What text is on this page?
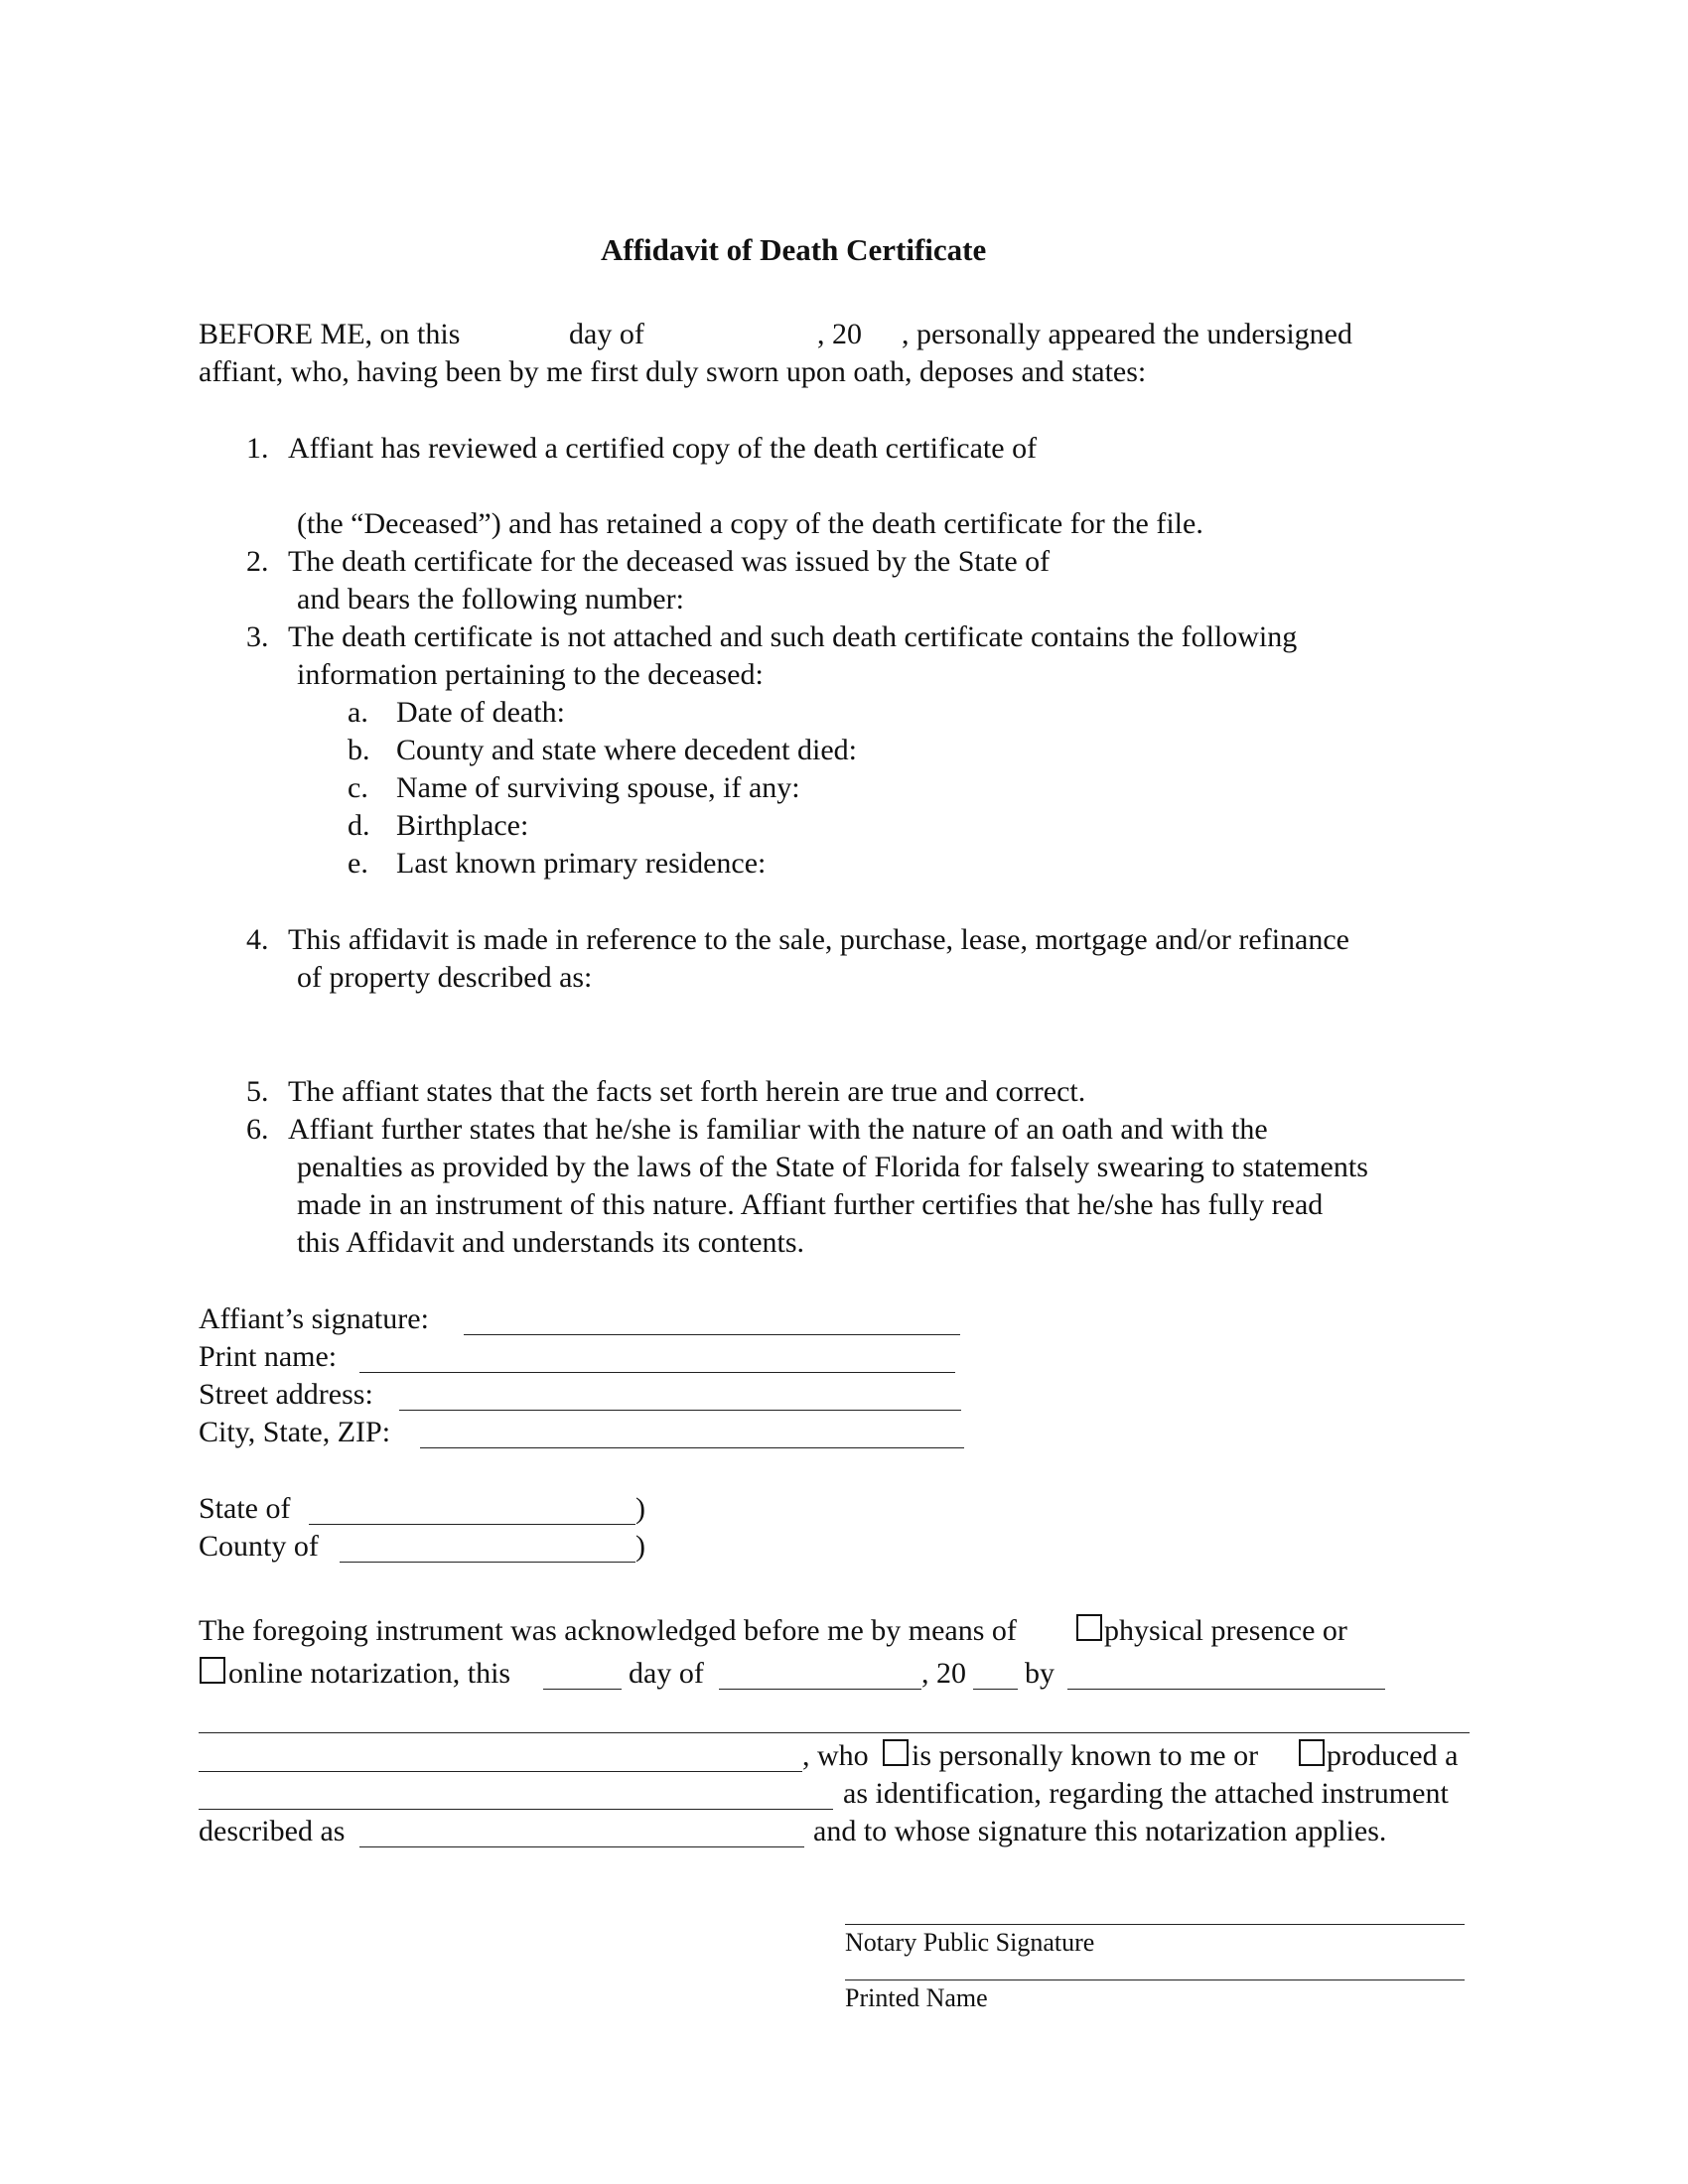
Affidavit of Death Certificate
BEFORE ME, on this	day of	, 20 , personally appeared the undersigned
affiant, who, having been by me first duly sworn upon oath, deposes and states:
1. Affiant has reviewed a certified copy of the death certificate of
(the “Deceased”) and has retained a copy of the death certificate for the file.
2. The death certificate for the deceased was issued by the State of
and bears the following number:
3. The death certificate is not attached and such death certificate contains the following
information pertaining to the deceased:
a. Date of death:
b. County and state where decedent died:
c. Name of surviving spouse, if any:
d. Birthplace:
e. Last known primary residence:
4. This affidavit is made in reference to the sale, purchase, lease, mortgage and/or refinance
of property described as:
5. The affiant states that the facts set forth herein are true and correct.
6. Affiant further states that he/she is familiar with the nature of an oath and with the
penalties as provided by the laws of the State of Florida for falsely swearing to statements
made in an instrument of this nature. Affiant further certifies that he/she has fully read
this Affidavit and understands its contents.
Affiant’s signature:
Print name:
Street address:
City, State, ZIP:
State of	)
County of	)
The foregoing instrument was acknowledged before me by means of	physical presence or
online notarization, this	day of	, 20 by
, who is personally known to me or produced a
as identification, regarding the attached instrument
described as	and to whose signature this notarization applies.
Notary Public Signature
Printed Name
